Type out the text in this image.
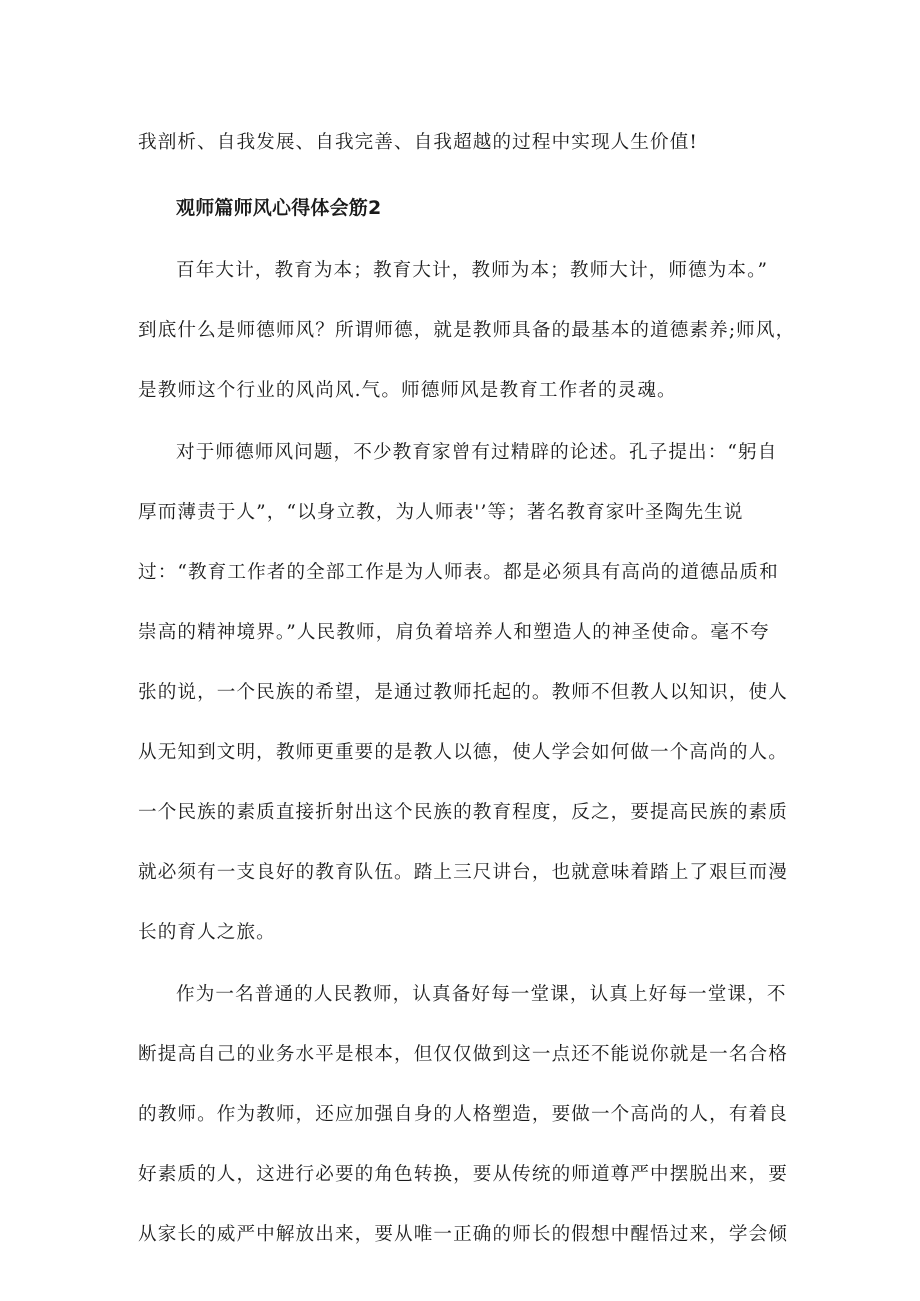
我剖析、自我发展、自我完善、自我超越的过程中实现人生价值!
观师篇师风心得体会筋2
百年大计，教育为本；教育大计，教师为本；教师大计，师德为本。”
到底什么是师德师风？所谓师德，就是教师具备的最基本的道德素养;师风，
是教师这个行业的风尚风.气。师德师风是教育工作者的灵魂。
对于师德师风问题，不少教育家曾有过精辟的论述。孔子提出：“躬自
厚而薄责于人”，“以身立教，为人师表'’等；著名教育家叶圣陶先生说
过：“教育工作者的全部工作是为人师表。都是必须具有高尚的道德品质和
崇高的精神境界。”人民教师，肩负着培养人和塑造人的神圣使命。毫不夸
张的说，一个民族的希望，是通过教师托起的。教师不但教人以知识，使人
从无知到文明，教师更重要的是教人以德，使人学会如何做一个高尚的人。
一个民族的素质直接折射出这个民族的教育程度，反之，要提高民族的素质
就必须有一支良好的教育队伍。踏上三尺讲台，也就意味着踏上了艰巨而漫
长的育人之旅。
作为一名普通的人民教师，认真备好每一堂课，认真上好每一堂课，不
断提高自己的业务水平是根本，但仅仅做到这一点还不能说你就是一名合格
的教师。作为教师，还应加强自身的人格塑造，要做一个高尚的人，有着良
好素质的人，这进行必要的角色转换，要从传统的师道尊严中摆脱出来，要
从家长的威严中解放出来，要从唯一正确的师长的假想中醒悟过来，学会倾
